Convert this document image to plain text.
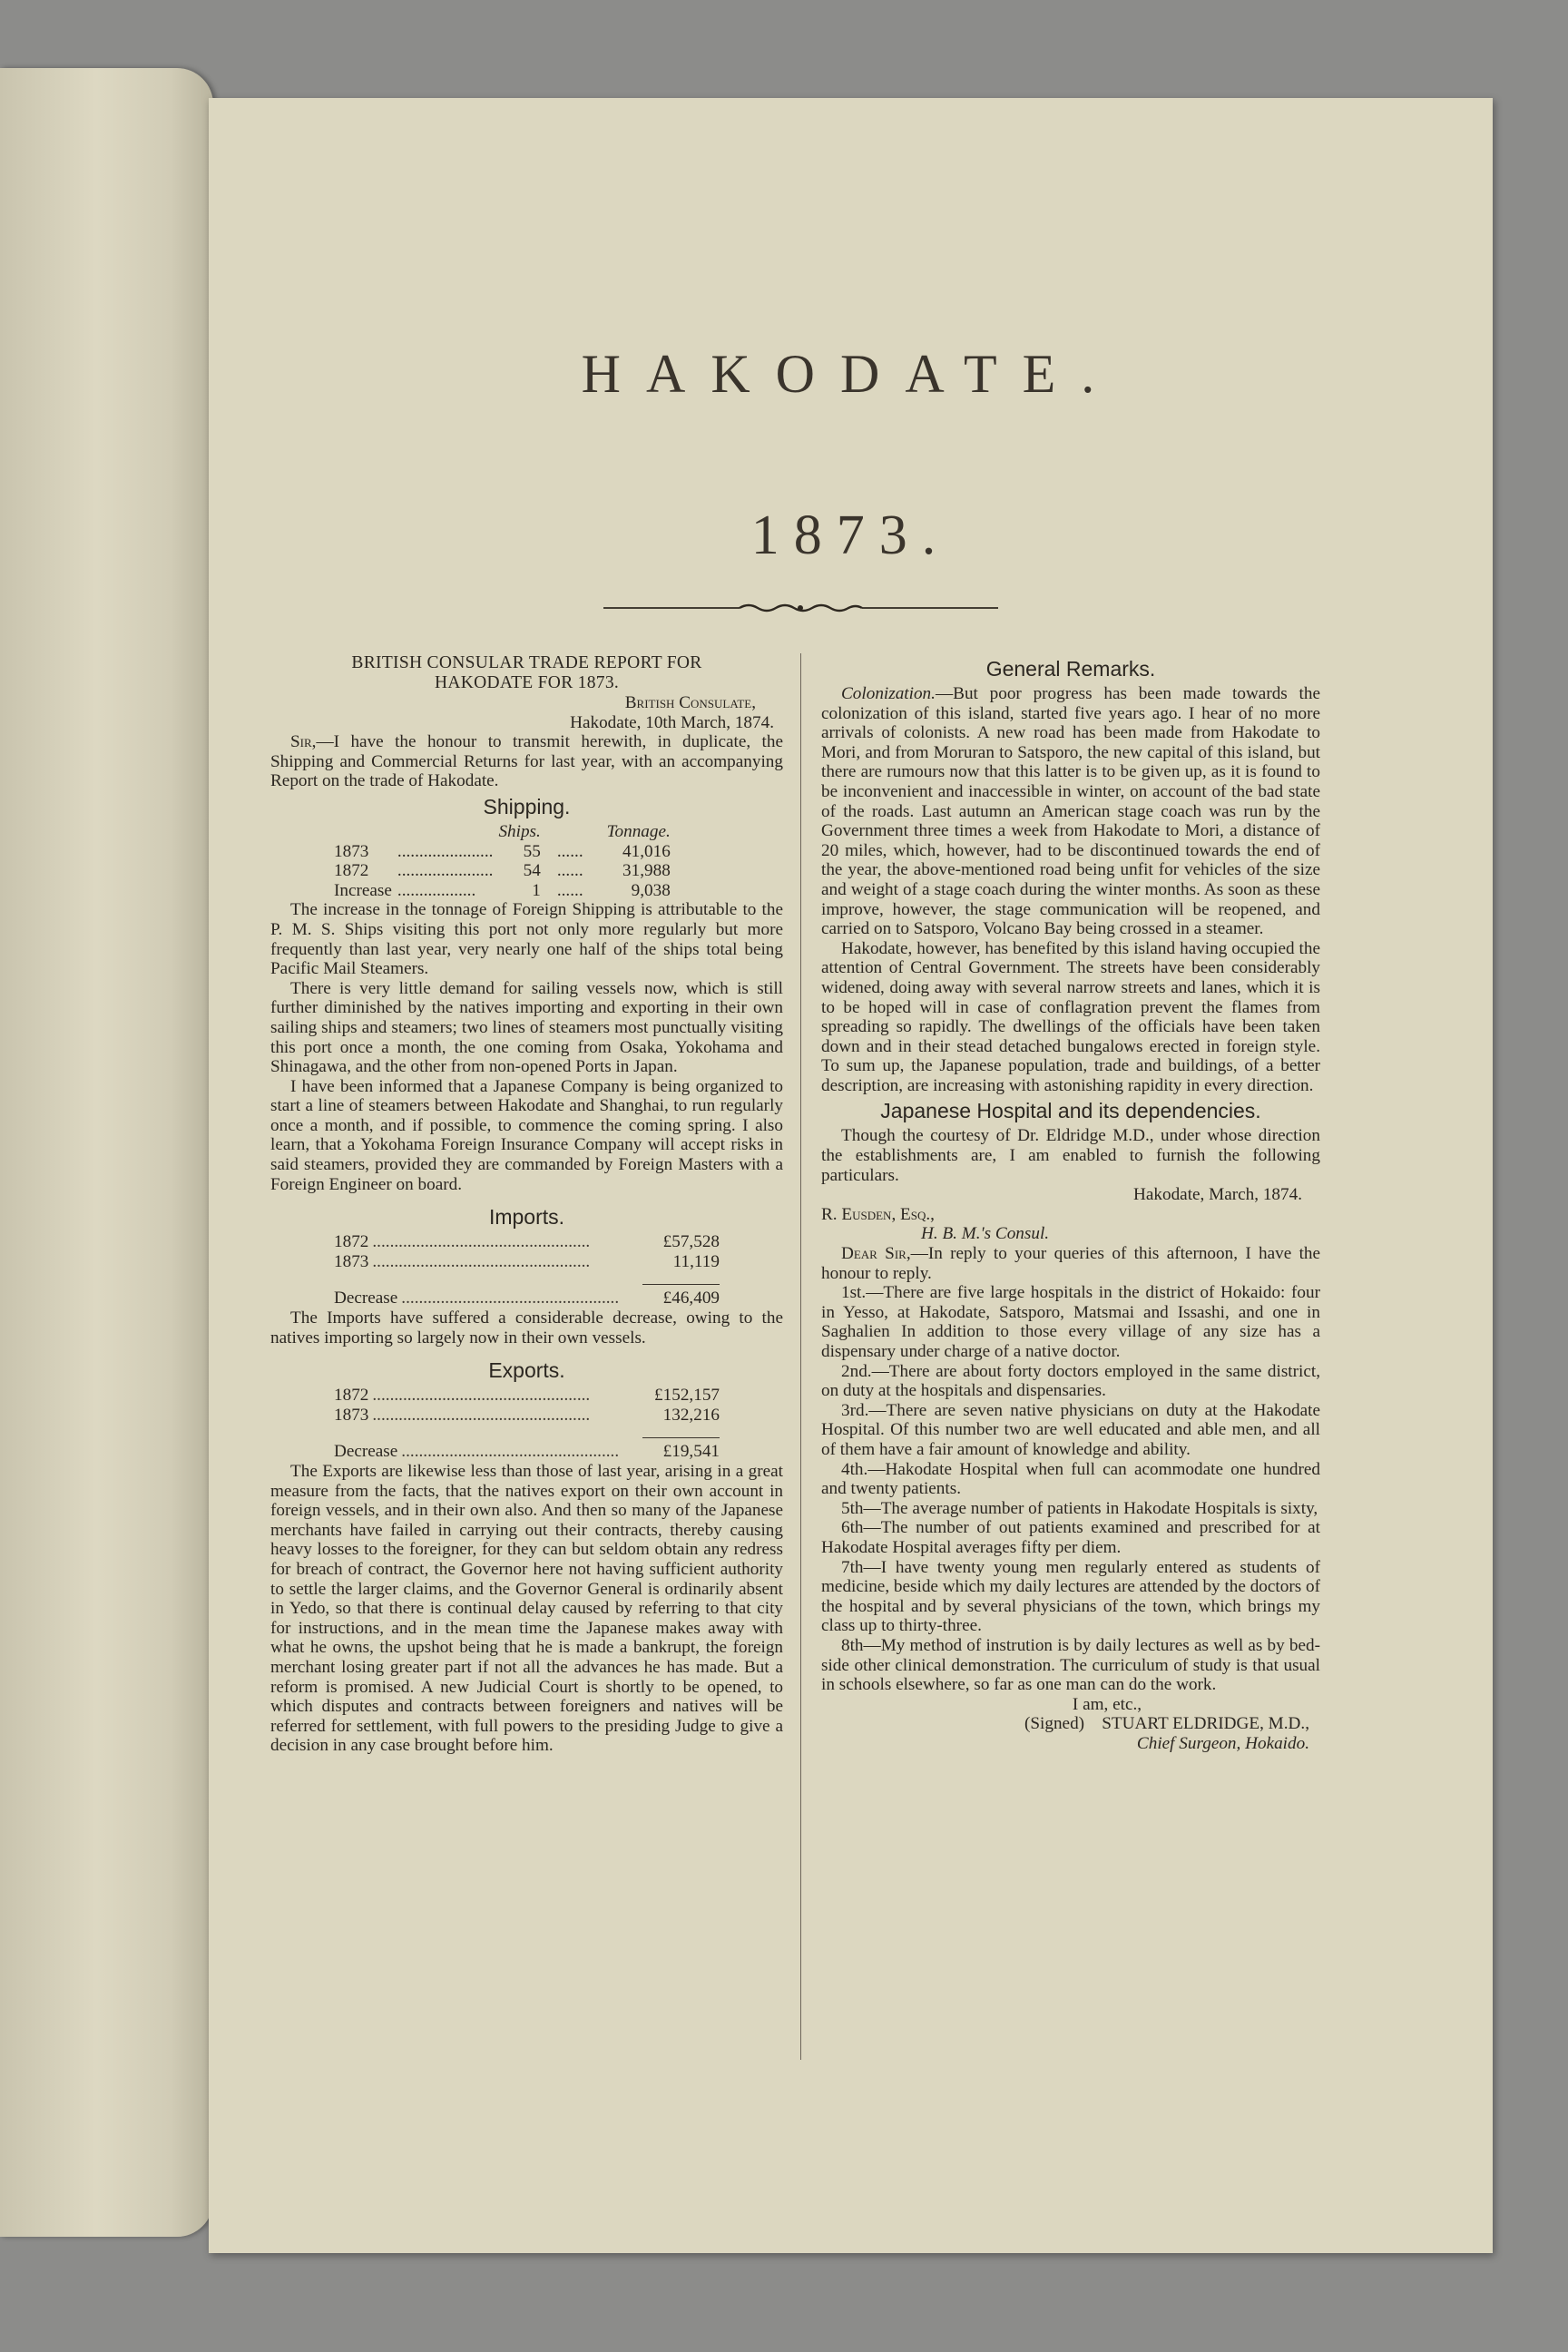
HAKODATE.
1873.
BRITISH CONSULAR TRADE REPORT FOR
HAKODATE FOR 1873.

British Consulate,

Hakodate, 10th March, 1874.

Sir,—I have the honour to transmit herewith, in duplicate, the Shipping and Commercial Returns for last year, with an accompanying Report on the trade of Hakodate.

Shipping.
		Ships.		Tonnage.
1873	......................	55	......	41,016
1872	......................	54	......	31,988
Increase	..................	1	......	9,038

The increase in the tonnage of Foreign Shipping is attributable to the P. M. S. Ships visiting this port not only more regularly but more frequently than last year, very nearly one half of the ships total being Pacific Mail Steamers.

There is very little demand for sailing vessels now, which is still further diminished by the natives importing and exporting in their own sailing ships and steamers; two lines of steamers most punctually visiting this port once a month, the one coming from Osaka, Yokohama and Shinagawa, and the other from non-opened Ports in Japan.

I have been informed that a Japanese Company is being organized to start a line of steamers between Hakodate and Shanghai, to run regularly once a month, and if possible, to commence the coming spring. I also learn, that a Yokohama Foreign Insurance Company will accept risks in said steamers, provided they are commanded by Foreign Masters with a Foreign Engineer on board.

Imports.
1872 ..................................................	£57,528
1873 ..................................................	11,119
Decrease ..................................................	£46,409

The Imports have suffered a considerable decrease, owing to the natives importing so largely now in their own vessels.

Exports.
1872 ..................................................	£152,157
1873 ..................................................	132,216
Decrease ..................................................	£19,541

The Exports are likewise less than those of last year, arising in a great measure from the facts, that the natives export on their own account in foreign vessels, and in their own also. And then so many of the Japanese merchants have failed in carrying out their contracts, thereby causing heavy losses to the foreigner, for they can but seldom obtain any redress for breach of contract, the Governor here not having sufficient authority to settle the larger claims, and the Governor General is ordinarily absent in Yedo, so that there is continual delay caused by referring to that city for instructions, and in the mean time the Japanese makes away with what he owns, the upshot being that he is made a bankrupt, the foreign merchant losing greater part if not all the advances he has made. But a reform is promised. A new Judicial Court is shortly to be opened, to which disputes and contracts between foreigners and natives will be referred for settlement, with full powers to the presiding Judge to give a decision in any case brought before him.

General Remarks.

Colonization.—But poor progress has been made towards the colonization of this island, started five years ago. I hear of no more arrivals of colonists. A new road has been made from Hakodate to Mori, and from Moruran to Satsporo, the new capital of this island, but there are rumours now that this latter is to be given up, as it is found to be inconvenient and inaccessible in winter, on account of the bad state of the roads. Last autumn an American stage coach was run by the Government three times a week from Hakodate to Mori, a distance of 20 miles, which, however, had to be discontinued towards the end of the year, the above-mentioned road being unfit for vehicles of the size and weight of a stage coach during the winter months. As soon as these improve, however, the stage communication will be reopened, and carried on to Satsporo, Volcano Bay being crossed in a steamer.

Hakodate, however, has benefited by this island having occupied the attention of Central Government. The streets have been considerably widened, doing away with several narrow streets and lanes, which it is to be hoped will in case of conflagration prevent the flames from spreading so rapidly. The dwellings of the officials have been taken down and in their stead detached bungalows erected in foreign style. To sum up, the Japanese population, trade and buildings, of a better description, are increasing with astonishing rapidity in every direction.

Japanese Hospital and its dependencies.

Though the courtesy of Dr. Eldridge M.D., under whose direction the establishments are, I am enabled to furnish the following particulars.

Hakodate, March, 1874.

R. Eusden, Esq.,

H. B. M.'s Consul.

Dear Sir,—In reply to your queries of this afternoon, I have the honour to reply.

1st.—There are five large hospitals in the district of Hokaido: four in Yesso, at Hakodate, Satsporo, Matsmai and Issashi, and one in Saghalien In addition to those every village of any size has a dispensary under charge of a native doctor.

2nd.—There are about forty doctors employed in the same district, on duty at the hospitals and dispensaries.

3rd.—There are seven native physicians on duty at the Hakodate Hospital. Of this number two are well educated and able men, and all of them have a fair amount of knowledge and ability.

4th.—Hakodate Hospital when full can acommodate one hundred and twenty patients.

5th—The average number of patients in Hakodate Hospitals is sixty,

6th—The number of out patients examined and prescribed for at Hakodate Hospital averages fifty per diem.

7th—I have twenty young men regularly entered as students of medicine, beside which my daily lectures are attended by the doctors of the hospital and by several physicians of the town, which brings my class up to thirty-three.

8th—My method of instrution is by daily lectures as well as by bed-side other clinical demonstration. The curriculum of study is that usual in schools elsewhere, so far as one man can do the work.

I am, etc.,

(Signed) STUART ELDRIDGE, M.D.,

Chief Surgeon, Hokaido.
